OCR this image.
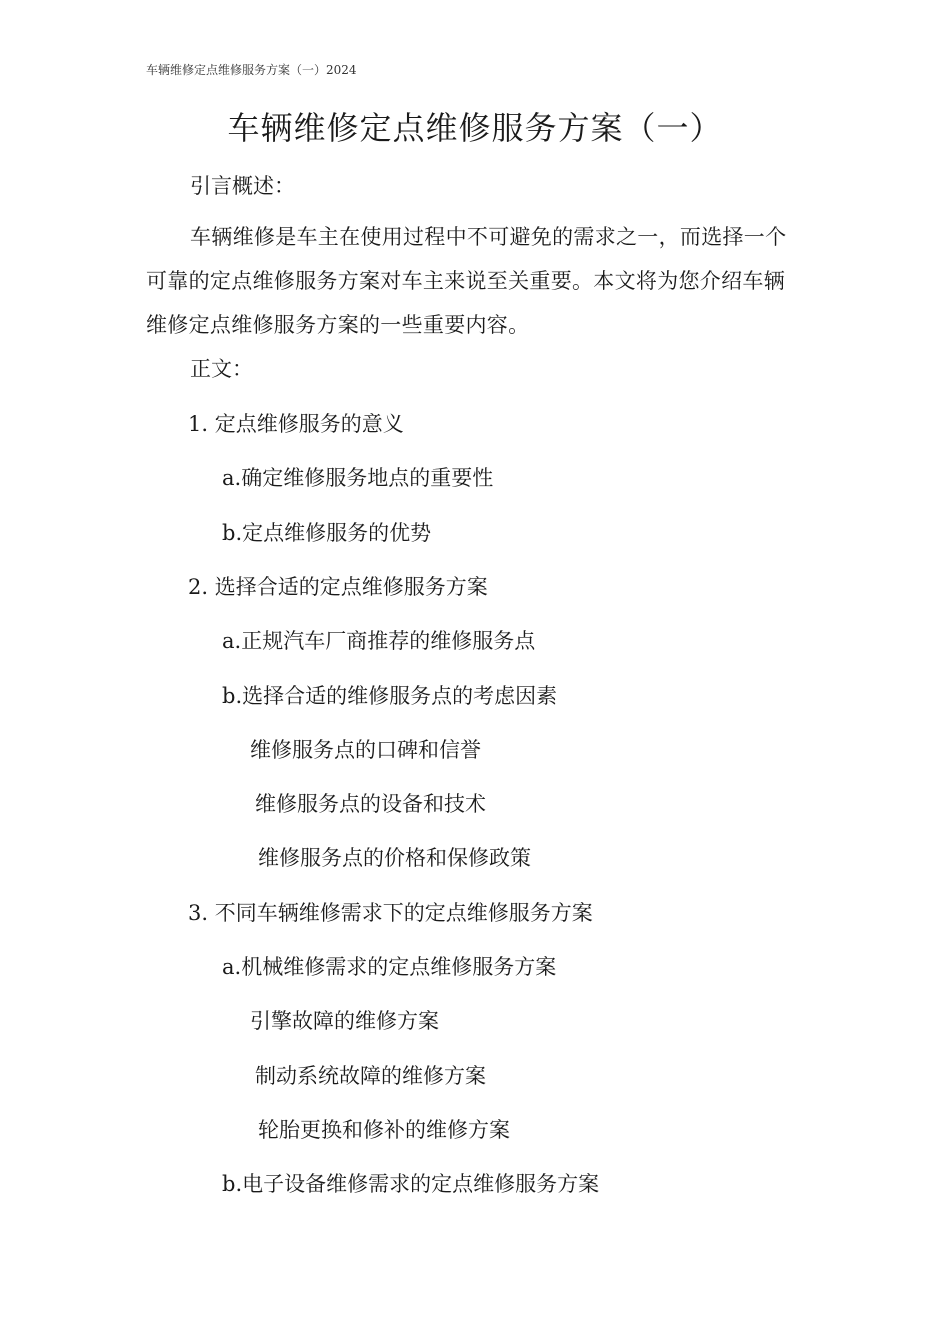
车辆维修定点维修服务方案（一）2024
车辆维修定点维修服务方案（一）
引言概述：
车辆维修是车主在使用过程中不可避免的需求之一，而选择一个可靠的定点维修服务方案对车主来说至关重要。本文将为您介绍车辆维修定点维修服务方案的一些重要内容。
正文：
1. 定点维修服务的意义
a.确定维修服务地点的重要性
b.定点维修服务的优势
2. 选择合适的定点维修服务方案
a.正规汽车厂商推荐的维修服务点
b.选择合适的维修服务点的考虑因素
维修服务点的口碑和信誉
维修服务点的设备和技术
维修服务点的价格和保修政策
3. 不同车辆维修需求下的定点维修服务方案
a.机械维修需求的定点维修服务方案
引擎故障的维修方案
制动系统故障的维修方案
轮胎更换和修补的维修方案
b.电子设备维修需求的定点维修服务方案
